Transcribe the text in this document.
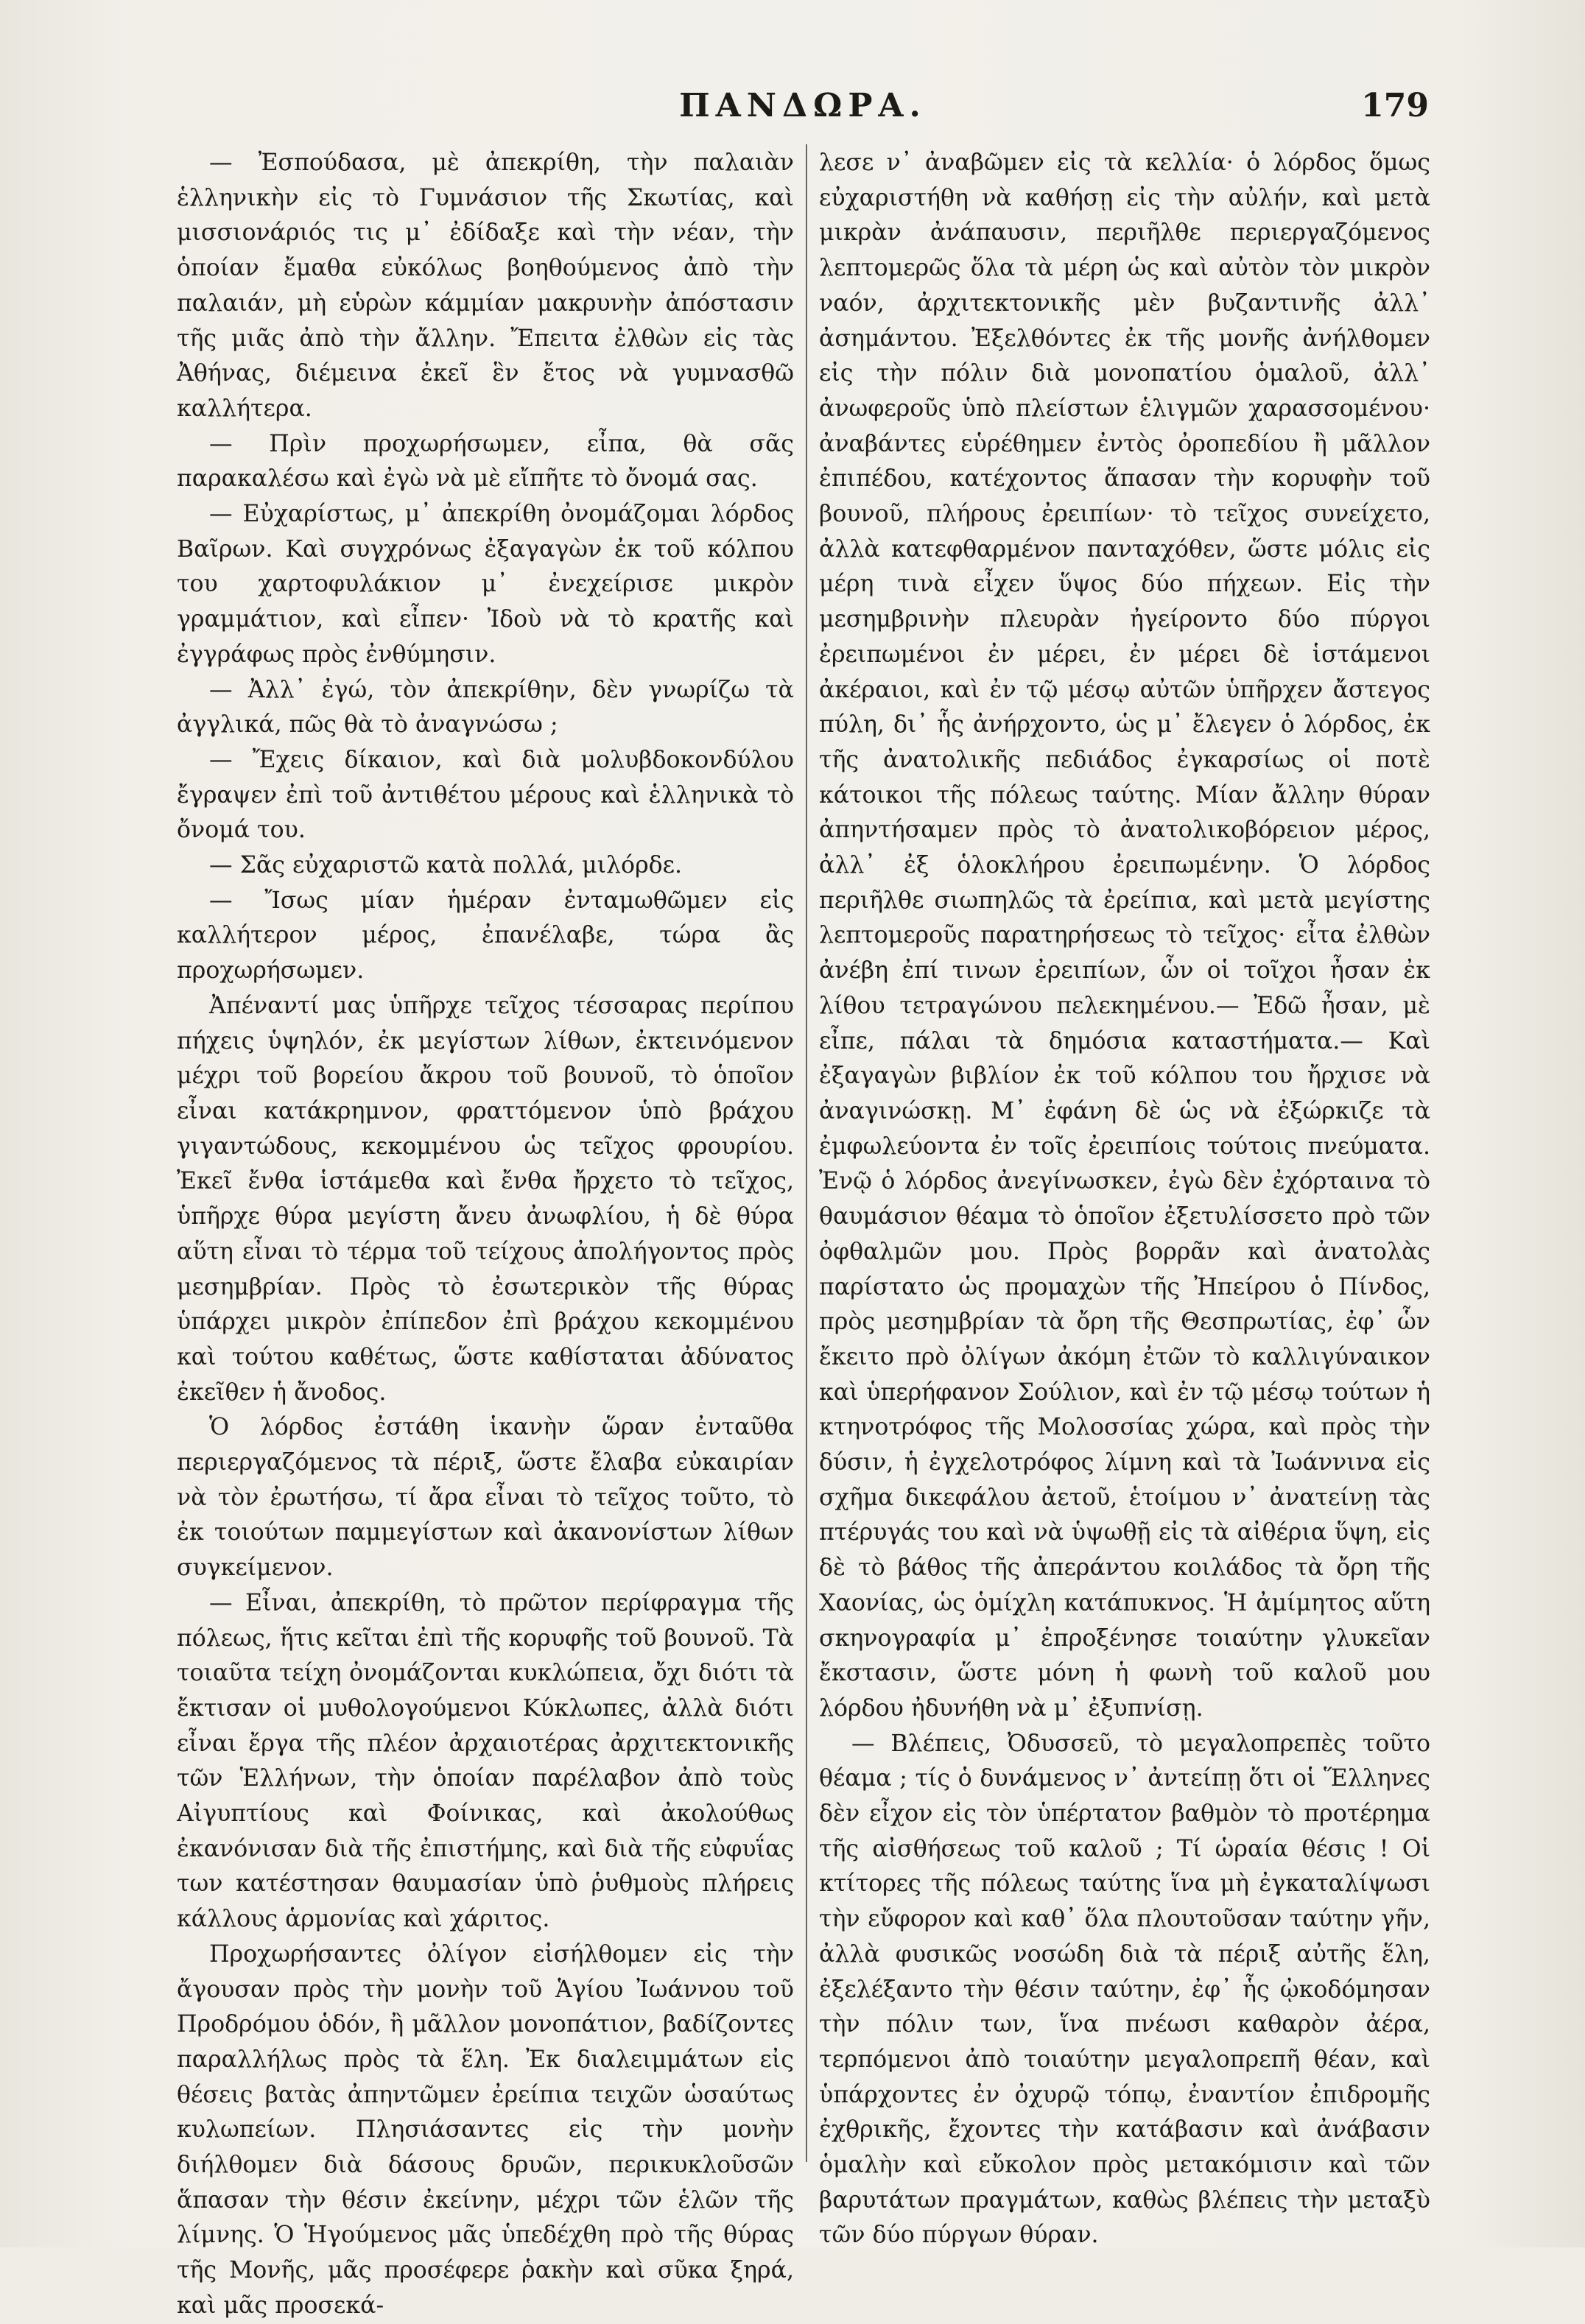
ΠΑΝΔΩΡΑ.	179

— Ἐσπούδασα, μὲ ἀπεκρίθη, τὴν παλαιὰν ἑλληνικὴν εἰς τὸ Γυμνάσιον τῆς Σκωτίας, καὶ μισσιονάριός τις μ᾿ ἐδίδαξε καὶ τὴν νέαν, τὴν ὁποίαν ἔμαθα εὐκόλως βοηθούμενος ἀπὸ τὴν παλαιάν, μὴ εὑρὼν κάμμίαν μακρυνὴν ἀπόστασιν τῆς μιᾶς ἀπὸ τὴν ἄλλην. Ἔπειτα ἐλθὼν εἰς τὰς Ἀθήνας, διέμεινα ἐκεῖ ἓν ἔτος νὰ γυμνασθῶ καλλήτερα.

— Πρὶν προχωρήσωμεν, εἶπα, θὰ σᾶς παρακαλέσω καὶ ἐγὼ νὰ μὲ εἴπῆτε τὸ ὄνομά σας.

— Εὐχαρίστως, μ᾿ ἀπεκρίθη ὀνομάζομαι λόρδος Βαῖρων. Καὶ συγχρόνως ἐξαγαγὼν ἐκ τοῦ κόλπου του χαρτοφυλάκιον μ᾿ ἐνεχείρισε μικρὸν γραμμάτιον, καὶ εἶπεν· Ἰδοὺ νὰ τὸ κρατῆς καὶ ἐγγράφως πρὸς ἐνθύμησιν.

— Ἀλλ᾿ ἐγώ, τὸν ἀπεκρίθην, δὲν γνωρίζω τὰ ἀγγλικά, πῶς θὰ τὸ ἀναγνώσω ;

— Ἔχεις δίκαιον, καὶ διὰ μολυβδοκονδύλου ἔγραψεν ἐπὶ τοῦ ἀντιθέτου μέρους καὶ ἑλληνικὰ τὸ ὄνομά του.

— Σᾶς εὐχαριστῶ κατὰ πολλά, μιλόρδε.

— Ἴσως μίαν ἡμέραν ἐνταμωθῶμεν εἰς καλλήτερον μέρος, ἐπανέλαβε, τώρα ἂς προχωρήσωμεν.

Ἀπέναντί μας ὑπῆρχε τεῖχος τέσσαρας περίπου πήχεις ὑψηλόν, ἐκ μεγίστων λίθων, ἐκτεινόμενον μέχρι τοῦ βορείου ἄκρου τοῦ βουνοῦ, τὸ ὁποῖον εἶναι κατάκρημνον, φραττόμενον ὑπὸ βράχου γιγαντώδους, κεκομμένου ὡς τεῖχος φρουρίου. Ἐκεῖ ἔνθα ἱστάμεθα καὶ ἔνθα ἤρχετο τὸ τεῖχος, ὑπῆρχε θύρα μεγίστη ἄνευ ἀνωφλίου, ἡ δὲ θύρα αὕτη εἶναι τὸ τέρμα τοῦ τείχους ἀπολήγοντος πρὸς μεσημβρίαν. Πρὸς τὸ ἐσωτερικὸν τῆς θύρας ὑπάρχει μικρὸν ἐπίπεδον ἐπὶ βράχου κεκομμένου καὶ τούτου καθέτως, ὥστε καθίσταται ἀδύνατος ἐκεῖθεν ἡ ἄνοδος.

Ὁ λόρδος ἐστάθη ἱκανὴν ὥραν ἐνταῦθα περιεργαζόμενος τὰ πέριξ, ὥστε ἔλαβα εὐκαιρίαν νὰ τὸν ἐρωτήσω, τί ἄρα εἶναι τὸ τεῖχος τοῦτο, τὸ ἐκ τοιούτων παμμεγίστων καὶ ἀκανονίστων λίθων συγκείμενον.

— Εἶναι, ἀπεκρίθη, τὸ πρῶτον περίφραγμα τῆς πόλεως, ἥτις κεῖται ἐπὶ τῆς κορυφῆς τοῦ βουνοῦ. Τὰ τοιαῦτα τείχη ὀνομάζονται κυκλώπεια, ὄχι διότι τὰ ἔκτισαν οἱ μυθολογούμενοι Κύκλωπες, ἀλλὰ διότι εἶναι ἔργα τῆς πλέον ἀρχαιοτέρας ἀρχιτεκτονικῆς τῶν Ἑλλήνων, τὴν ὁποίαν παρέλαβον ἀπὸ τοὺς Αἰγυπτίους καὶ Φοίνικας, καὶ ἀκολούθως ἐκανόνισαν διὰ τῆς ἐπιστήμης, καὶ διὰ τῆς εὐφυΐας των κατέστησαν θαυμασίαν ὑπὸ ῥυθμοὺς πλήρεις κάλλους ἁρμονίας καὶ χάριτος.

Προχωρήσαντες ὀλίγον εἰσήλθομεν εἰς τὴν ἄγουσαν πρὸς τὴν μονὴν τοῦ Ἁγίου Ἰωάννου τοῦ Προδρόμου ὁδόν, ἢ μᾶλλον μονοπάτιον, βαδίζοντες παραλλήλως πρὸς τὰ ἕλη. Ἐκ διαλειμμάτων εἰς θέσεις βατὰς ἀπηντῶμεν ἐρείπια τειχῶν ὡσαύτως κυλωπείων. Πλησιάσαντες εἰς τὴν μονὴν διήλθομεν διὰ δάσους δρυῶν, περικυκλοῦσῶν ἅπασαν τὴν θέσιν ἐκείνην, μέχρι τῶν ἑλῶν τῆς λίμνης. Ὁ Ἡγούμενος μᾶς ὑπεδέχθη πρὸ τῆς θύρας τῆς Μονῆς, μᾶς προσέφερε ῥακὴν καὶ σῦκα ξηρά, καὶ μᾶς προσεκά-

λεσε ν᾿ ἀναβῶμεν εἰς τὰ κελλία· ὁ λόρδος ὅμως εὐχαριστήθη νὰ καθήσῃ εἰς τὴν αὐλήν, καὶ μετὰ μικρὰν ἀνάπαυσιν, περιῆλθε περιεργαζόμενος λεπτομερῶς ὅλα τὰ μέρη ὡς καὶ αὐτὸν τὸν μικρὸν ναόν, ἀρχιτεκτονικῆς μὲν βυζαντινῆς ἀλλ᾿ ἀσημάντου. Ἐξελθόντες ἐκ τῆς μονῆς ἀνήλθομεν εἰς τὴν πόλιν διὰ μονοπατίου ὁμαλοῦ, ἀλλ᾿ ἀνωφεροῦς ὑπὸ πλείστων ἑλιγμῶν χαρασσομένου· ἀναβάντες εὑρέθημεν ἐντὸς ὀροπεδίου ἢ μᾶλλον ἐπιπέδου, κατέχοντος ἅπασαν τὴν κορυφὴν τοῦ βουνοῦ, πλήρους ἐρειπίων· τὸ τεῖχος συνείχετο, ἀλλὰ κατεφθαρμένον πανταχόθεν, ὥστε μόλις εἰς μέρη τινὰ εἶχεν ὕψος δύο πήχεων. Εἰς τὴν μεσημβρινὴν πλευρὰν ἠγείροντο δύο πύργοι ἐρειπωμένοι ἐν μέρει, ἐν μέρει δὲ ἱστάμενοι ἀκέραιοι, καὶ ἐν τῷ μέσῳ αὐτῶν ὑπῆρχεν ἄστεγος πύλη, δι᾿ ἧς ἀνήρχοντο, ὡς μ᾿ ἔλεγεν ὁ λόρδος, ἐκ τῆς ἀνατολικῆς πεδιάδος ἐγκαρσίως οἱ ποτὲ κάτοικοι τῆς πόλεως ταύτης. Μίαν ἄλλην θύραν ἀπηντήσαμεν πρὸς τὸ ἀνατολικοβόρειον μέρος, ἀλλ᾿ ἐξ ὁλοκλήρου ἐρειπωμένην. Ὁ λόρδος περιῆλθε σιωπηλῶς τὰ ἐρείπια, καὶ μετὰ μεγίστης λεπτομεροῦς παρατηρήσεως τὸ τεῖχος· εἶτα ἐλθὼν ἀνέβη ἐπί τινων ἐρειπίων, ὧν οἱ τοῖχοι ἦσαν ἐκ λίθου τετραγώνου πελεκημένου.— Ἐδῶ ἦσαν, μὲ εἶπε, πάλαι τὰ δημόσια καταστήματα.— Καὶ ἐξαγαγὼν βιβλίον ἐκ τοῦ κόλπου του ἤρχισε νὰ ἀναγινώσκῃ. Μ᾿ ἐφάνη δὲ ὡς νὰ ἐξώρκιζε τὰ ἐμφωλεύοντα ἐν τοῖς ἐρειπίοις τούτοις πνεύματα. Ἐνῷ ὁ λόρδος ἀνεγίνωσκεν, ἐγὼ δὲν ἐχόρταινα τὸ θαυμάσιον θέαμα τὸ ὁποῖον ἐξετυλίσσετο πρὸ τῶν ὀφθαλμῶν μου. Πρὸς βορρᾶν καὶ ἀνατολὰς παρίστατο ὡς προμαχὼν τῆς Ἠπείρου ὁ Πίνδος, πρὸς μεσημβρίαν τὰ ὄρη τῆς Θεσπρωτίας, ἐφ᾿ ὧν ἔκειτο πρὸ ὀλίγων ἀκόμη ἐτῶν τὸ καλλιγύναικον καὶ ὑπερήφανον Σούλιον, καὶ ἐν τῷ μέσῳ τούτων ἡ κτηνοτρόφος τῆς Μολοσσίας χώρα, καὶ πρὸς τὴν δύσιν, ἡ ἐγχελοτρόφος λίμνη καὶ τὰ Ἰωάννινα εἰς σχῆμα δικεφάλου ἀετοῦ, ἑτοίμου ν᾿ ἀνατείνῃ τὰς πτέρυγάς του καὶ νὰ ὑψωθῇ εἰς τὰ αἰθέρια ὕψη, εἰς δὲ τὸ βάθος τῆς ἀπεράντου κοιλάδος τὰ ὄρη τῆς Χαονίας, ὡς ὁμίχλη κατάπυκνος. Ἡ ἀμίμητος αὕτη σκηνογραφία μ᾿ ἐπροξένησε τοιαύτην γλυκεῖαν ἔκστασιν, ὥστε μόνη ἡ φωνὴ τοῦ καλοῦ μου λόρδου ἠδυνήθη νὰ μ᾿ ἐξυπνίσῃ.

— Βλέπεις, Ὀδυσσεῦ, τὸ μεγαλοπρεπὲς τοῦτο θέαμα ; τίς ὁ δυνάμενος ν᾿ ἀντείπῃ ὅτι οἱ Ἕλληνες δὲν εἶχον εἰς τὸν ὑπέρτατον βαθμὸν τὸ προτέρημα τῆς αἰσθήσεως τοῦ καλοῦ ; Τί ὡραία θέσις ! Οἱ κτίτορες τῆς πόλεως ταύτης ἵνα μὴ ἐγκαταλίψωσι τὴν εὔφορον καὶ καθ᾿ ὅλα πλουτοῦσαν ταύτην γῆν, ἀλλὰ φυσικῶς νοσώδη διὰ τὰ πέριξ αὐτῆς ἕλη, ἐξελέξαντο τὴν θέσιν ταύτην, ἐφ᾿ ἧς ᾠκοδόμησαν τὴν πόλιν των, ἵνα πνέωσι καθαρὸν ἀέρα, τερπόμενοι ἀπὸ τοιαύτην μεγαλοπρεπῆ θέαν, καὶ ὑπάρχοντες ἐν ὀχυρῷ τόπῳ, ἐναντίον ἐπιδρομῆς ἐχθρικῆς, ἔχοντες τὴν κατάβασιν καὶ ἀνάβασιν ὁμαλὴν καὶ εὔκολον πρὸς μετακόμισιν καὶ τῶν βαρυτάτων πραγμάτων, καθὼς βλέπεις τὴν μεταξὺ τῶν δύο πύργων θύραν.
